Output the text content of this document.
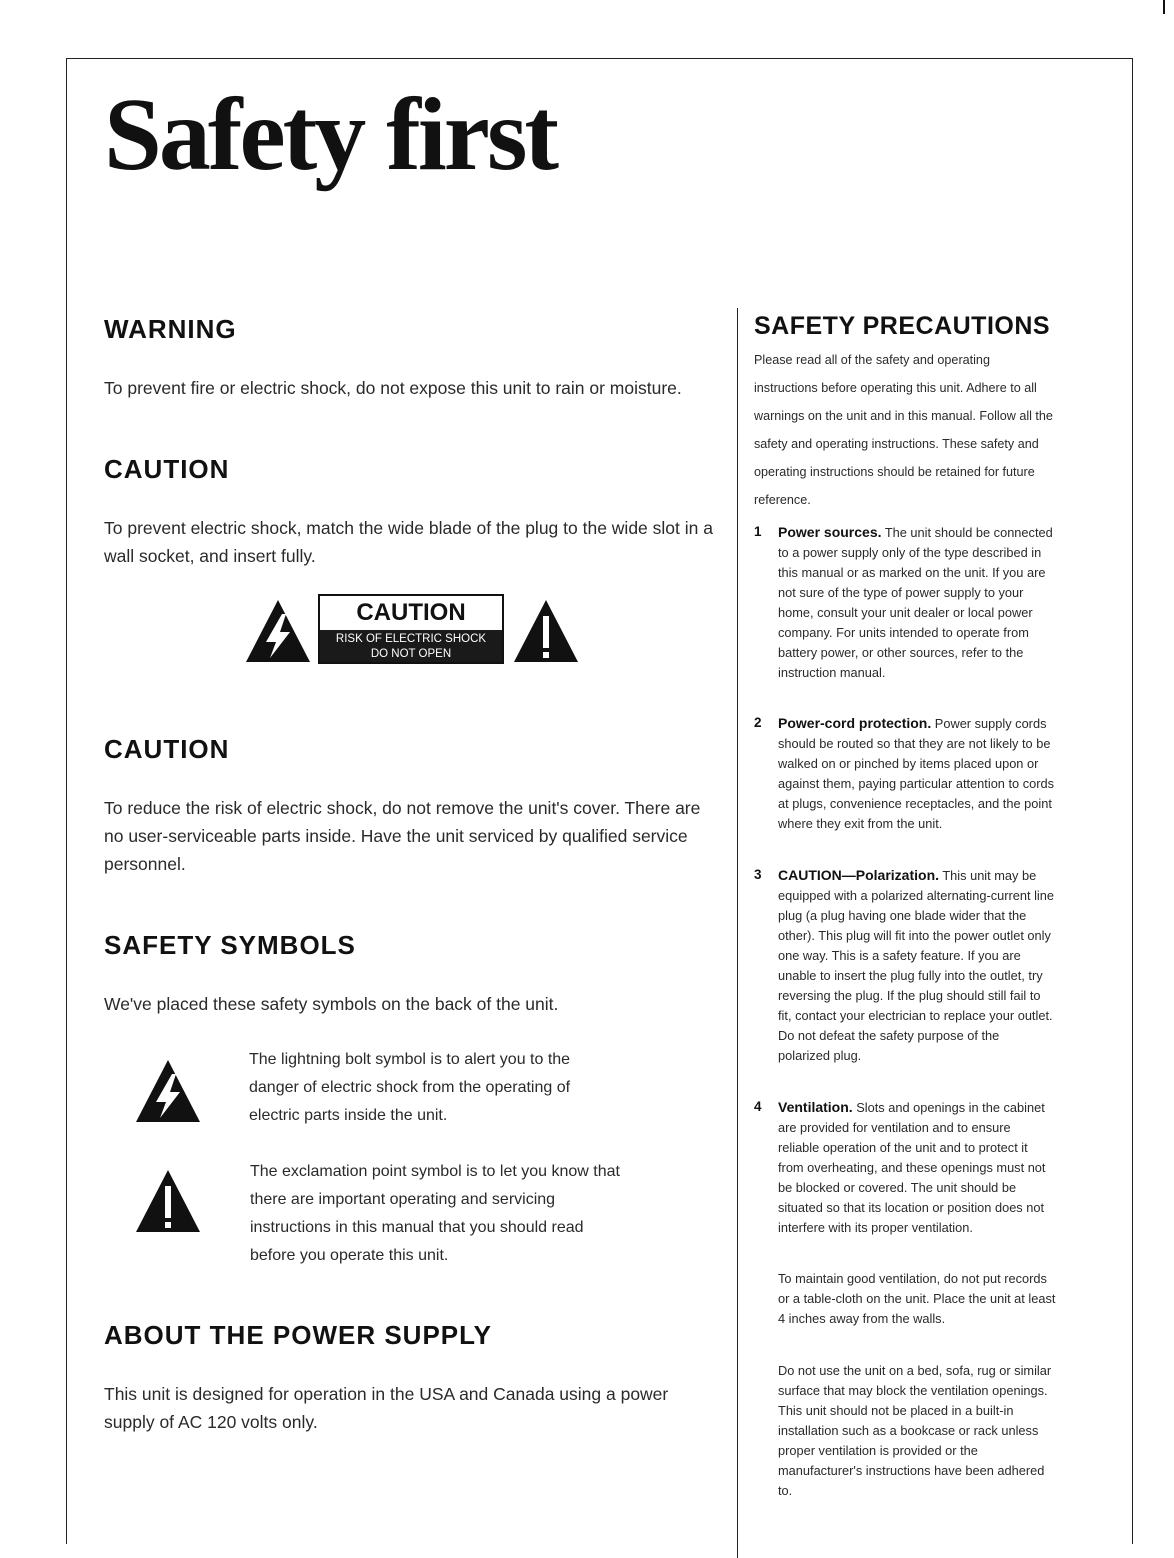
Safety first
WARNING

To prevent fire or electric shock, do not expose this unit to rain or moisture.

CAUTION

To prevent electric shock, match the wide blade of the plug to the wide slot in a wall socket, and insert fully.

CAUTION
RISK OF ELECTRIC SHOCK
DO NOT OPEN
CAUTION

To reduce the risk of electric shock, do not remove the unit's cover. There are no user-serviceable parts inside. Have the unit serviced by qualified service personnel.

SAFETY SYMBOLS

We've placed these safety symbols on the back of the unit.

The lightning bolt symbol is to alert you to the danger of electric shock from the operating of electric parts inside the unit.

The exclamation point symbol is to let you know that there are important operating and servicing instructions in this manual that you should read before you operate this unit.

ABOUT THE POWER SUPPLY

This unit is designed for operation in the USA and Canada using a power supply of AC 120 volts only.

SAFETY PRECAUTIONS

Please read all of the safety and operating instructions before operating this unit. Adhere to all warnings on the unit and in this manual. Follow all the safety and operating instructions. These safety and operating instructions should be retained for future reference.

1 Power sources. The unit should be connected to a power supply only of the type described in this manual or as marked on the unit. If you are not sure of the type of power supply to your home, consult your unit dealer or local power company. For units intended to operate from battery power, or other sources, refer to the instruction manual.

2 Power-cord protection. Power supply cords should be routed so that they are not likely to be walked on or pinched by items placed upon or against them, paying particular attention to cords at plugs, convenience receptacles, and the point where they exit from the unit.

3 CAUTION—Polarization. This unit may be equipped with a polarized alternating-current line plug (a plug having one blade wider that the other). This plug will fit into the power outlet only one way. This is a safety feature. If you are unable to insert the plug fully into the outlet, try reversing the plug. If the plug should still fail to fit, contact your electrician to replace your outlet. Do not defeat the safety purpose of the polarized plug.

4 Ventilation. Slots and openings in the cabinet are provided for ventilation and to ensure reliable operation of the unit and to protect it from overheating, and these openings must not be blocked or covered. The unit should be situated so that its location or position does not interfere with its proper ventilation.

To maintain good ventilation, do not put records or a table-cloth on the unit. Place the unit at least 4 inches away from the walls.

Do not use the unit on a bed, sofa, rug or similar surface that may block the ventilation openings. This unit should not be placed in a built-in installation such as a bookcase or rack unless proper ventilation is provided or the manufacturer's instructions have been adhered to.
